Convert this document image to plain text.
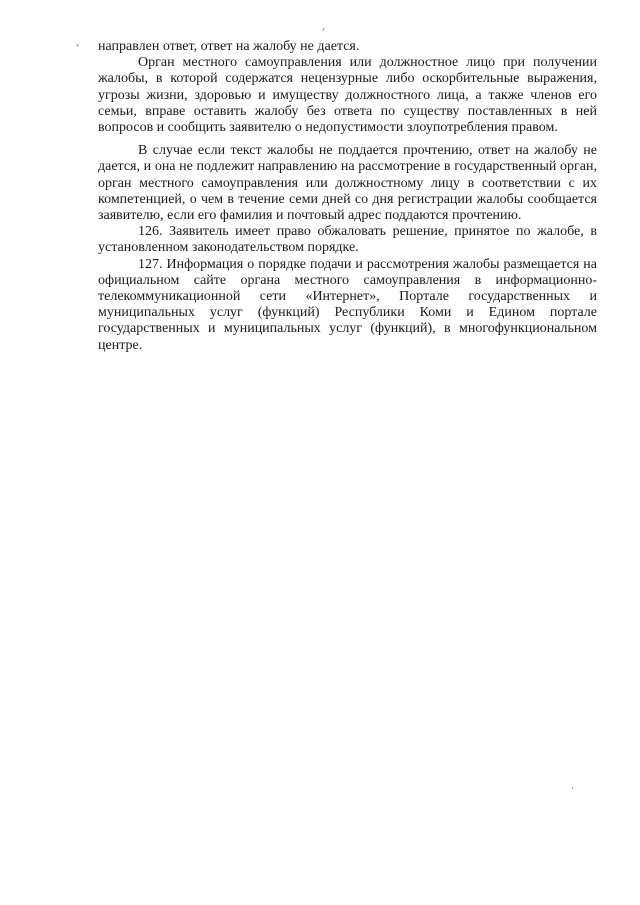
направлен ответ, ответ на жалобу не дается.

Орган местного самоуправления или должностное лицо при получении жалобы, в которой содержатся нецензурные либо оскорбительные выражения, угрозы жизни, здоровью и имуществу должностного лица, а также членов его семьи, вправе оставить жалобу без ответа по существу поставленных в ней вопросов и сообщить заявителю о недопустимости злоупотребления правом.

В случае если текст жалобы не поддается прочтению, ответ на жалобу не дается, и она не подлежит направлению на рассмотрение в государственный орган, орган местного самоуправления или должностному лицу в соответствии с их компетенцией, о чем в течение семи дней со дня регистрации жалобы сообщается заявителю, если его фамилия и почтовый адрес поддаются прочтению.

126. Заявитель имеет право обжаловать решение, принятое по жалобе, в установленном законодательством порядке.

127. Информация о порядке подачи и рассмотрения жалобы размещается на официальном сайте органа местного самоуправления в информационно-телекоммуникационной сети «Интернет», Портале государственных и муниципальных услуг (функций) Республики Коми и Едином портале государственных и муниципальных услуг (функций), в многофункциональном центре.
